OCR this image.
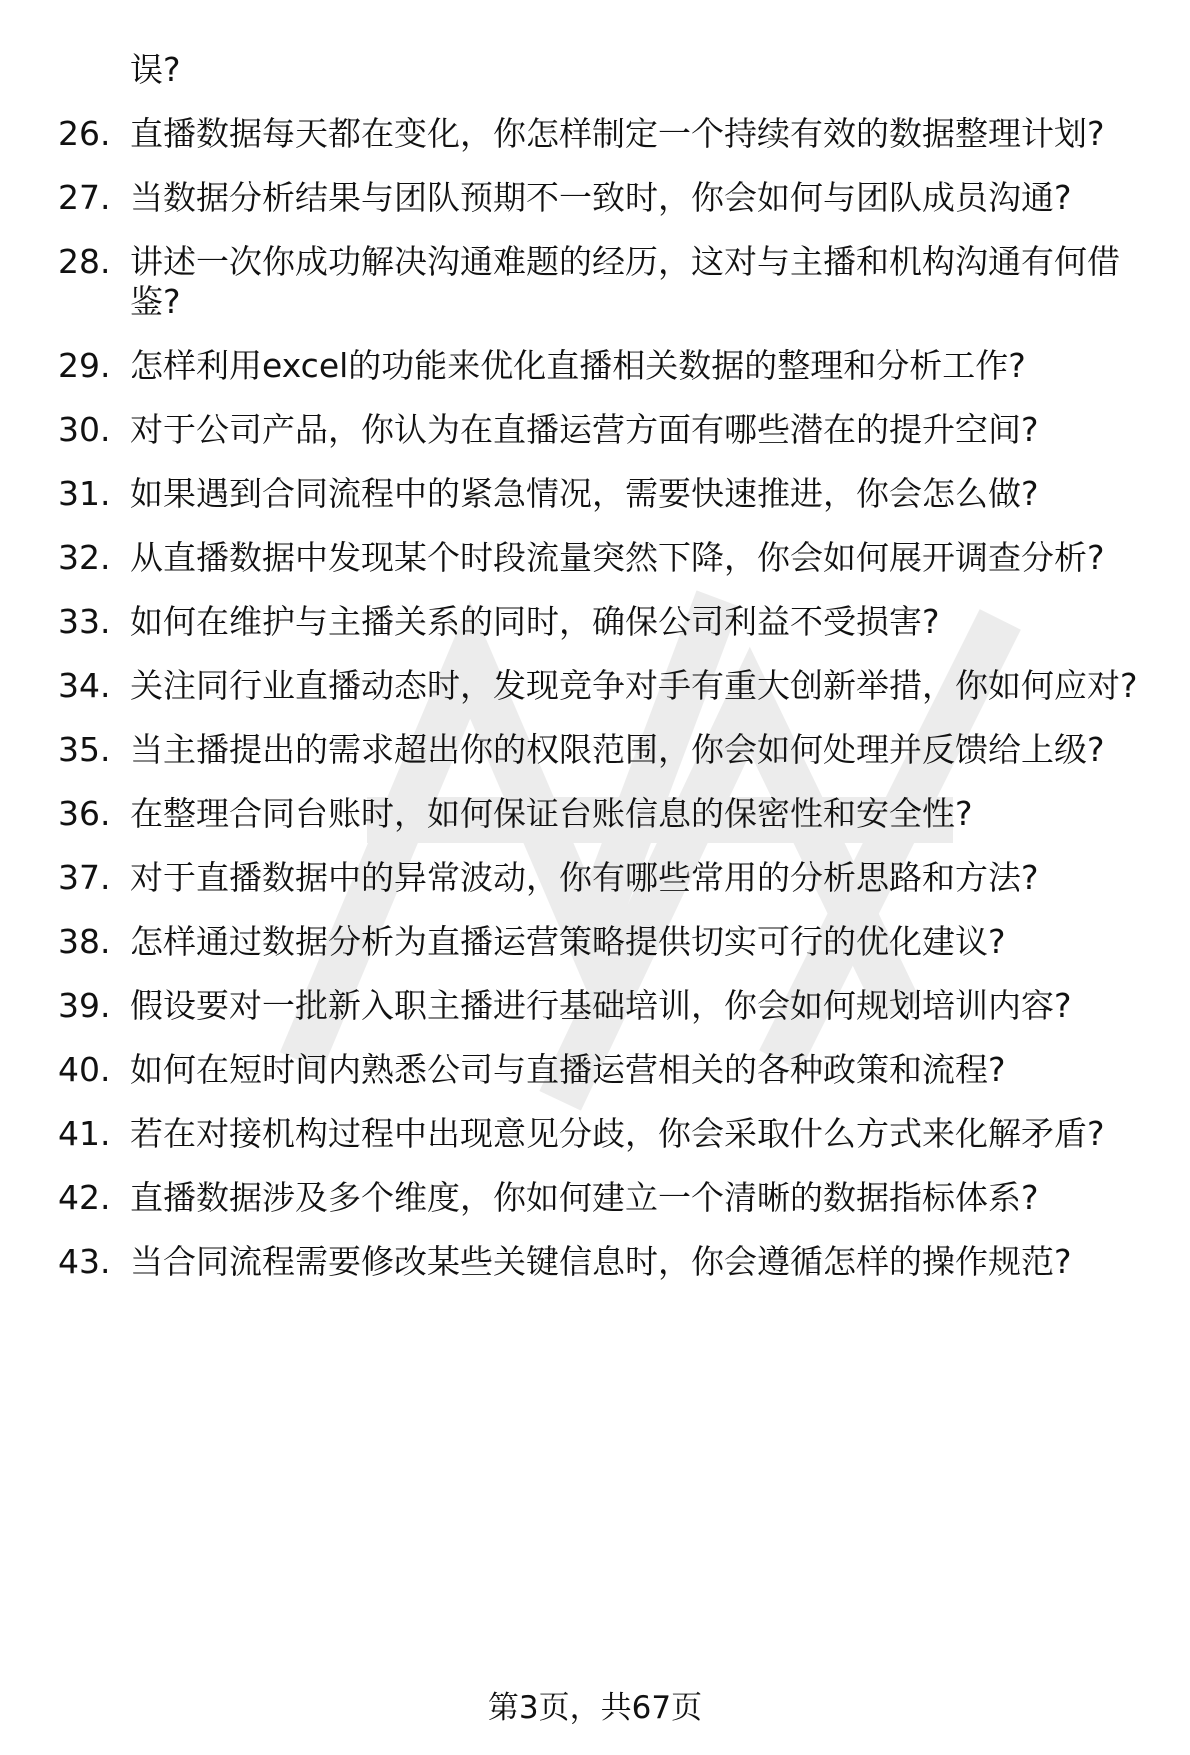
误?
26. 直播数据每天都在变化，你怎样制定一个持续有效的数据整理计划?
27. 当数据分析结果与团队预期不一致时，你会如何与团队成员沟通?
28. 讲述一次你成功解决沟通难题的经历，这对与主播和机构沟通有何借鉴?
29. 怎样利用excel的功能来优化直播相关数据的整理和分析工作?
30. 对于公司产品，你认为在直播运营方面有哪些潜在的提升空间?
31. 如果遇到合同流程中的紧急情况，需要快速推进，你会怎么做?
32. 从直播数据中发现某个时段流量突然下降，你会如何展开调查分析?
33. 如何在维护与主播关系的同时，确保公司利益不受损害?
34. 关注同行业直播动态时，发现竞争对手有重大创新举措，你如何应对?
35. 当主播提出的需求超出你的权限范围，你会如何处理并反馈给上级?
36. 在整理合同台账时，如何保证台账信息的保密性和安全性?
37. 对于直播数据中的异常波动，你有哪些常用的分析思路和方法?
38. 怎样通过数据分析为直播运营策略提供切实可行的优化建议?
39. 假设要对一批新入职主播进行基础培训，你会如何规划培训内容?
40. 如何在短时间内熟悉公司与直播运营相关的各种政策和流程?
41. 若在对接机构过程中出现意见分歧，你会采取什么方式来化解矛盾?
42. 直播数据涉及多个维度，你如何建立一个清晰的数据指标体系?
43. 当合同流程需要修改某些关键信息时，你会遵循怎样的操作规范?
第3页，共67页
